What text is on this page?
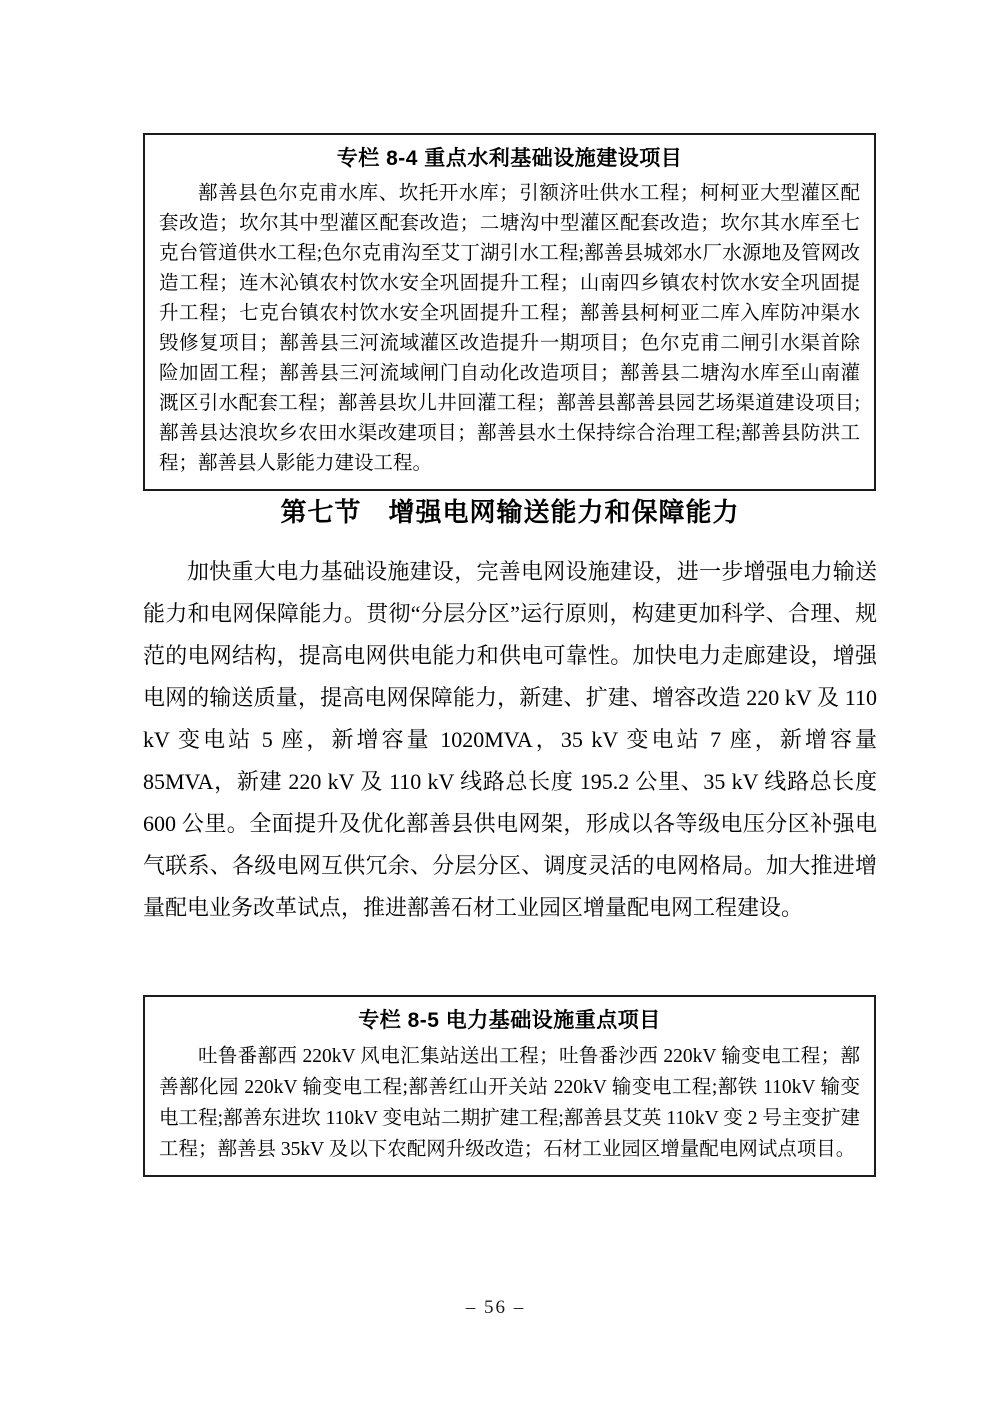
专栏 8-4 重点水利基础设施建设项目

鄯善县色尔克甫水库、坎托开水库；引额济吐供水工程；柯柯亚大型灌区配套改造；坎尔其中型灌区配套改造；二塘沟中型灌区配套改造；坎尔其水库至七克台管道供水工程;色尔克甫沟至艾丁湖引水工程;鄯善县城郊水厂水源地及管网改造工程；连木沁镇农村饮水安全巩固提升工程；山南四乡镇农村饮水安全巩固提升工程；七克台镇农村饮水安全巩固提升工程；鄯善县柯柯亚二库入库防冲渠水毁修复项目；鄯善县三河流域灌区改造提升一期项目；色尔克甫二闸引水渠首除险加固工程；鄯善县三河流域闸门自动化改造项目；鄯善县二塘沟水库至山南灌溉区引水配套工程；鄯善县坎儿井回灌工程；鄯善县鄯善县园艺场渠道建设项目;鄯善县达浪坎乡农田水渠改建项目；鄯善县水土保持综合治理工程;鄯善县防洪工程；鄯善县人影能力建设工程。

第七节　增强电网输送能力和保障能力

加快重大电力基础设施建设，完善电网设施建设，进一步增强电力输送能力和电网保障能力。贯彻“分层分区”运行原则，构建更加科学、合理、规范的电网结构，提高电网供电能力和供电可靠性。加快电力走廊建设，增强电网的输送质量，提高电网保障能力，新建、扩建、增容改造 220 kV 及 110 kV 变电站 5 座，新增容量 1020MVA，35 kV 变电站 7 座，新增容量 85MVA，新建 220 kV 及 110 kV 线路总长度 195.2 公里、35 kV 线路总长度 600 公里。全面提升及优化鄯善县供电网架，形成以各等级电压分区补强电气联系、各级电网互供冗余、分层分区、调度灵活的电网格局。加大推进增量配电业务改革试点，推进鄯善石材工业园区增量配电网工程建设。

专栏 8-5 电力基础设施重点项目

吐鲁番鄯西 220kV 风电汇集站送出工程；吐鲁番沙西 220kV 输变电工程；鄯善鄯化园 220kV 输变电工程;鄯善红山开关站 220kV 输变电工程;鄯铁 110kV 输变电工程;鄯善东进坎 110kV 变电站二期扩建工程;鄯善县艾英 110kV 变 2 号主变扩建工程；鄯善县 35kV 及以下农配网升级改造；石材工业园区增量配电网试点项目。

– 56 –
